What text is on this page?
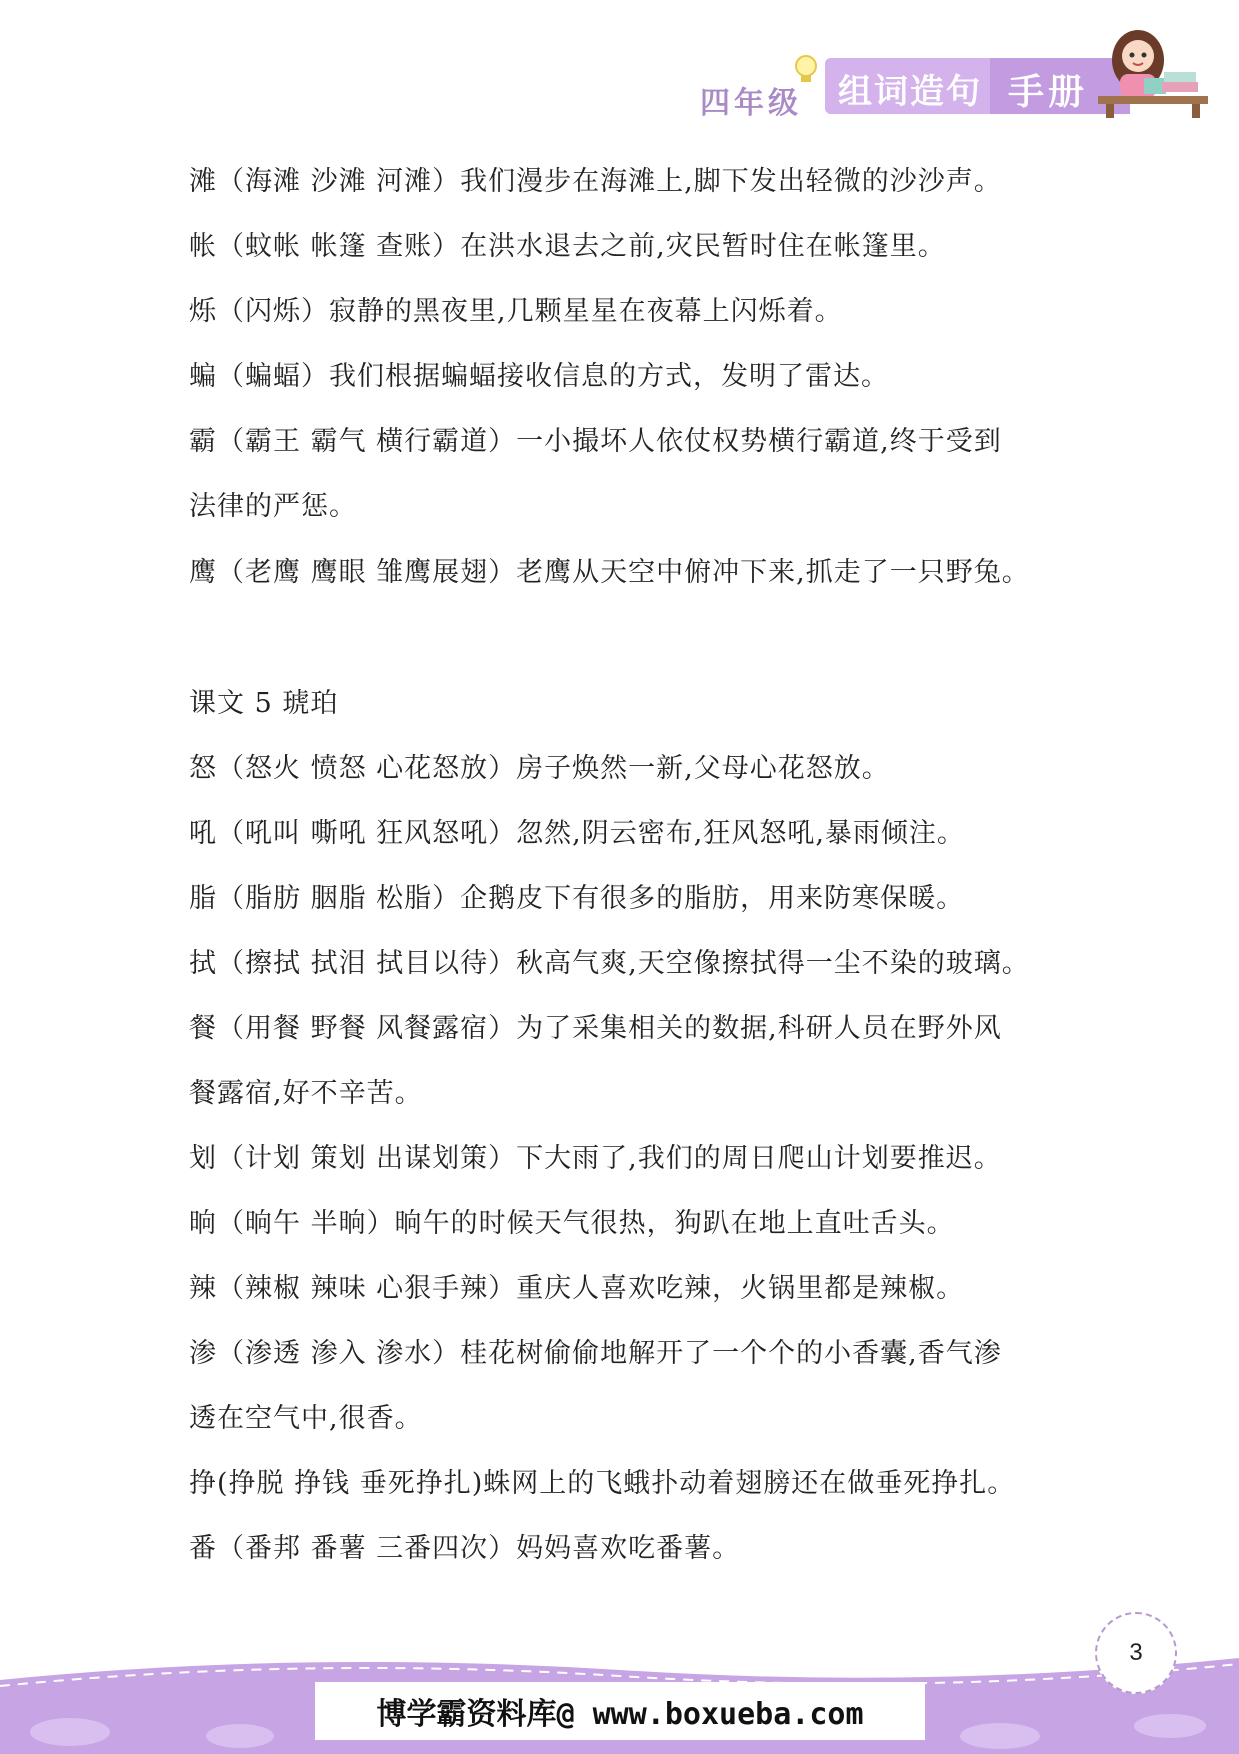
四年级 组词造句 手册
滩（海滩 沙滩 河滩）我们漫步在海滩上,脚下发出轻微的沙沙声。
帐（蚊帐 帐篷 查账）在洪水退去之前,灾民暂时住在帐篷里。
烁（闪烁）寂静的黑夜里,几颗星星在夜幕上闪烁着。
蝙（蝙蝠）我们根据蝙蝠接收信息的方式，发明了雷达。
霸（霸王 霸气 横行霸道）一小撮坏人依仗权势横行霸道,终于受到
法律的严惩。
鹰（老鹰 鹰眼 雏鹰展翅）老鹰从天空中俯冲下来,抓走了一只野兔。
课文 5 琥珀
怒（怒火 愤怒 心花怒放）房子焕然一新,父母心花怒放。
吼（吼叫 嘶吼 狂风怒吼）忽然,阴云密布,狂风怒吼,暴雨倾注。
脂（脂肪 胭脂 松脂）企鹅皮下有很多的脂肪，用来防寒保暖。
拭（擦拭 拭泪 拭目以待）秋高气爽,天空像擦拭得一尘不染的玻璃。
餐（用餐 野餐 风餐露宿）为了采集相关的数据,科研人员在野外风
餐露宿,好不辛苦。
划（计划 策划 出谋划策）下大雨了,我们的周日爬山计划要推迟。
晌（晌午 半晌）晌午的时候天气很热，狗趴在地上直吐舌头。
辣（辣椒 辣味 心狠手辣）重庆人喜欢吃辣，火锅里都是辣椒。
渗（渗透 渗入 渗水）桂花树偷偷地解开了一个个的小香囊,香气渗
透在空气中,很香。
挣(挣脱 挣钱 垂死挣扎)蛛网上的飞蛾扑动着翅膀还在做垂死挣扎。
番（番邦 番薯 三番四次）妈妈喜欢吃番薯。
3
博学霸资料库@ www.boxueba.com
